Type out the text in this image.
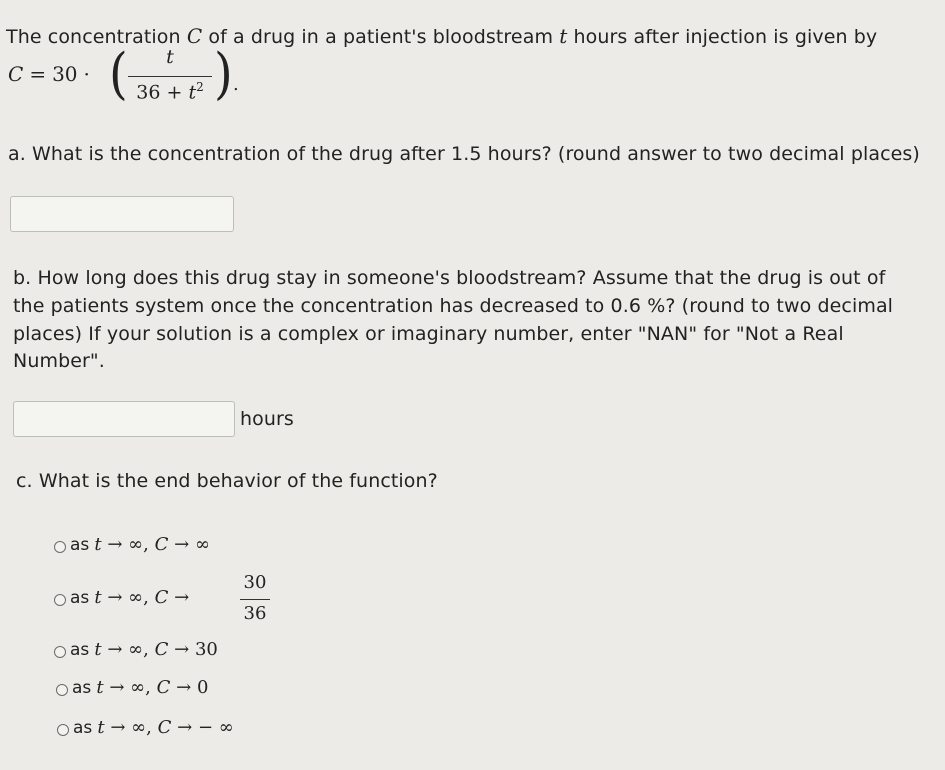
The concentration C of a drug in a patient's bloodstream t hours after injection is given by
C = 30 · (	t
$36 + t^2$ ) .
a. What is the concentration of the drug after 1.5 hours? (round answer to two decimal places)
b. How long does this drug stay in someone's bloodstream? Assume that the drug is out of
the patients system once the concentration has decreased to 0.6 %? (round to two decimal
places) If your solution is a complex or imaginary number, enter "NAN" for "Not a Real
Number".
hours
c. What is the end behavior of the function?
as t → ∞, C → ∞
as t → ∞, C →
30
36
as t → ∞, C → 30
as t → ∞, C → 0
as t → ∞, C → − ∞
